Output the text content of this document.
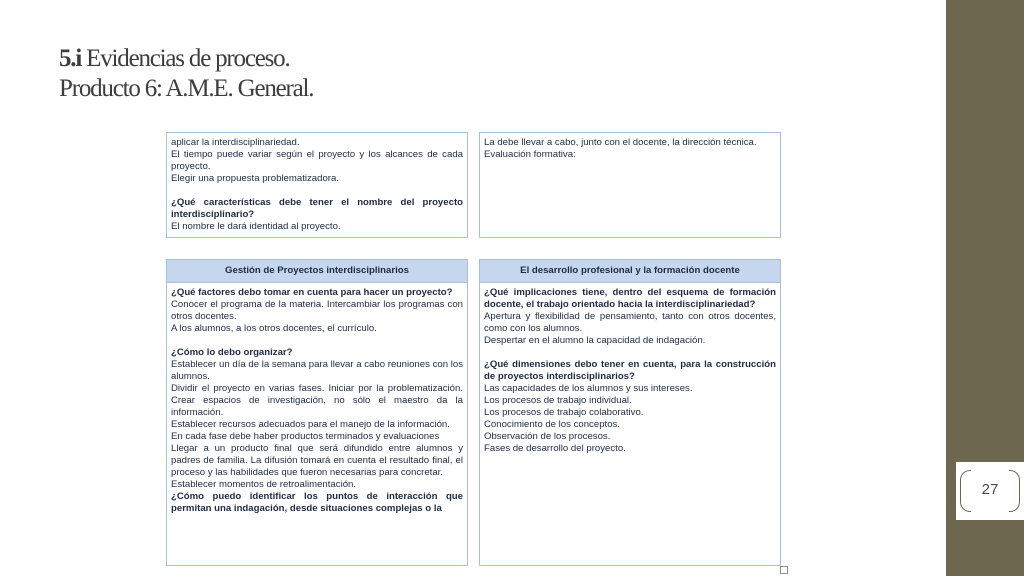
5.i Evidencias de proceso.
Producto 6: A.M.E. General.

aplicar la interdisciplinariedad.

El tiempo puede variar según el proyecto y los alcances de cada proyecto.

Elegir una propuesta problematizadora.

¿Qué características debe tener el nombre del proyecto interdisciplinario?

El nombre le dará identidad al proyecto.

La debe llevar a cabo, junto con el docente, la dirección técnica.

Evaluación formativa:

Gestión de Proyectos interdisciplinarios

¿Qué factores debo tomar en cuenta para hacer un proyecto?

Conocer el programa de la materia. Intercambiar los programas con otros docentes.

A los alumnos, a los otros docentes, el currículo.

¿Cómo lo debo organizar?

Establecer un día de la semana para llevar a cabo reuniones con los alumnos.

Dividir el proyecto en varias fases. Iniciar por la problematización. Crear espacios de investigación, no sólo el maestro da la información.

Establecer recursos adecuados para el manejo de la información.

En cada fase debe haber productos terminados y evaluaciones

Llegar a un producto final que será difundido entre alumnos y padres de familia. La difusión tomará en cuenta el resultado final, el proceso y las habilidades que fueron necesarias para concretar.

Establecer momentos de retroalimentación.

¿Cómo puedo identificar los puntos de interacción que permitan una indagación, desde situaciones complejas o la

El desarrollo profesional y la formación docente

¿Qué implicaciones tiene, dentro del esquema de formación docente, el trabajo orientado hacia la interdisciplinariedad?

Apertura y flexibilidad de pensamiento, tanto con otros docentes, como con los alumnos.

Despertar en el alumno la capacidad de indagación.

¿Qué dimensiones debo tener en cuenta, para la construcción de proyectos interdisciplinarios?

Las capacidades de los alumnos y sus intereses.

Los procesos de trabajo individual.

Los procesos de trabajo colaborativo.

Conocimiento de los conceptos.

Observación de los procesos.

Fases de desarrollo del proyecto.

27
